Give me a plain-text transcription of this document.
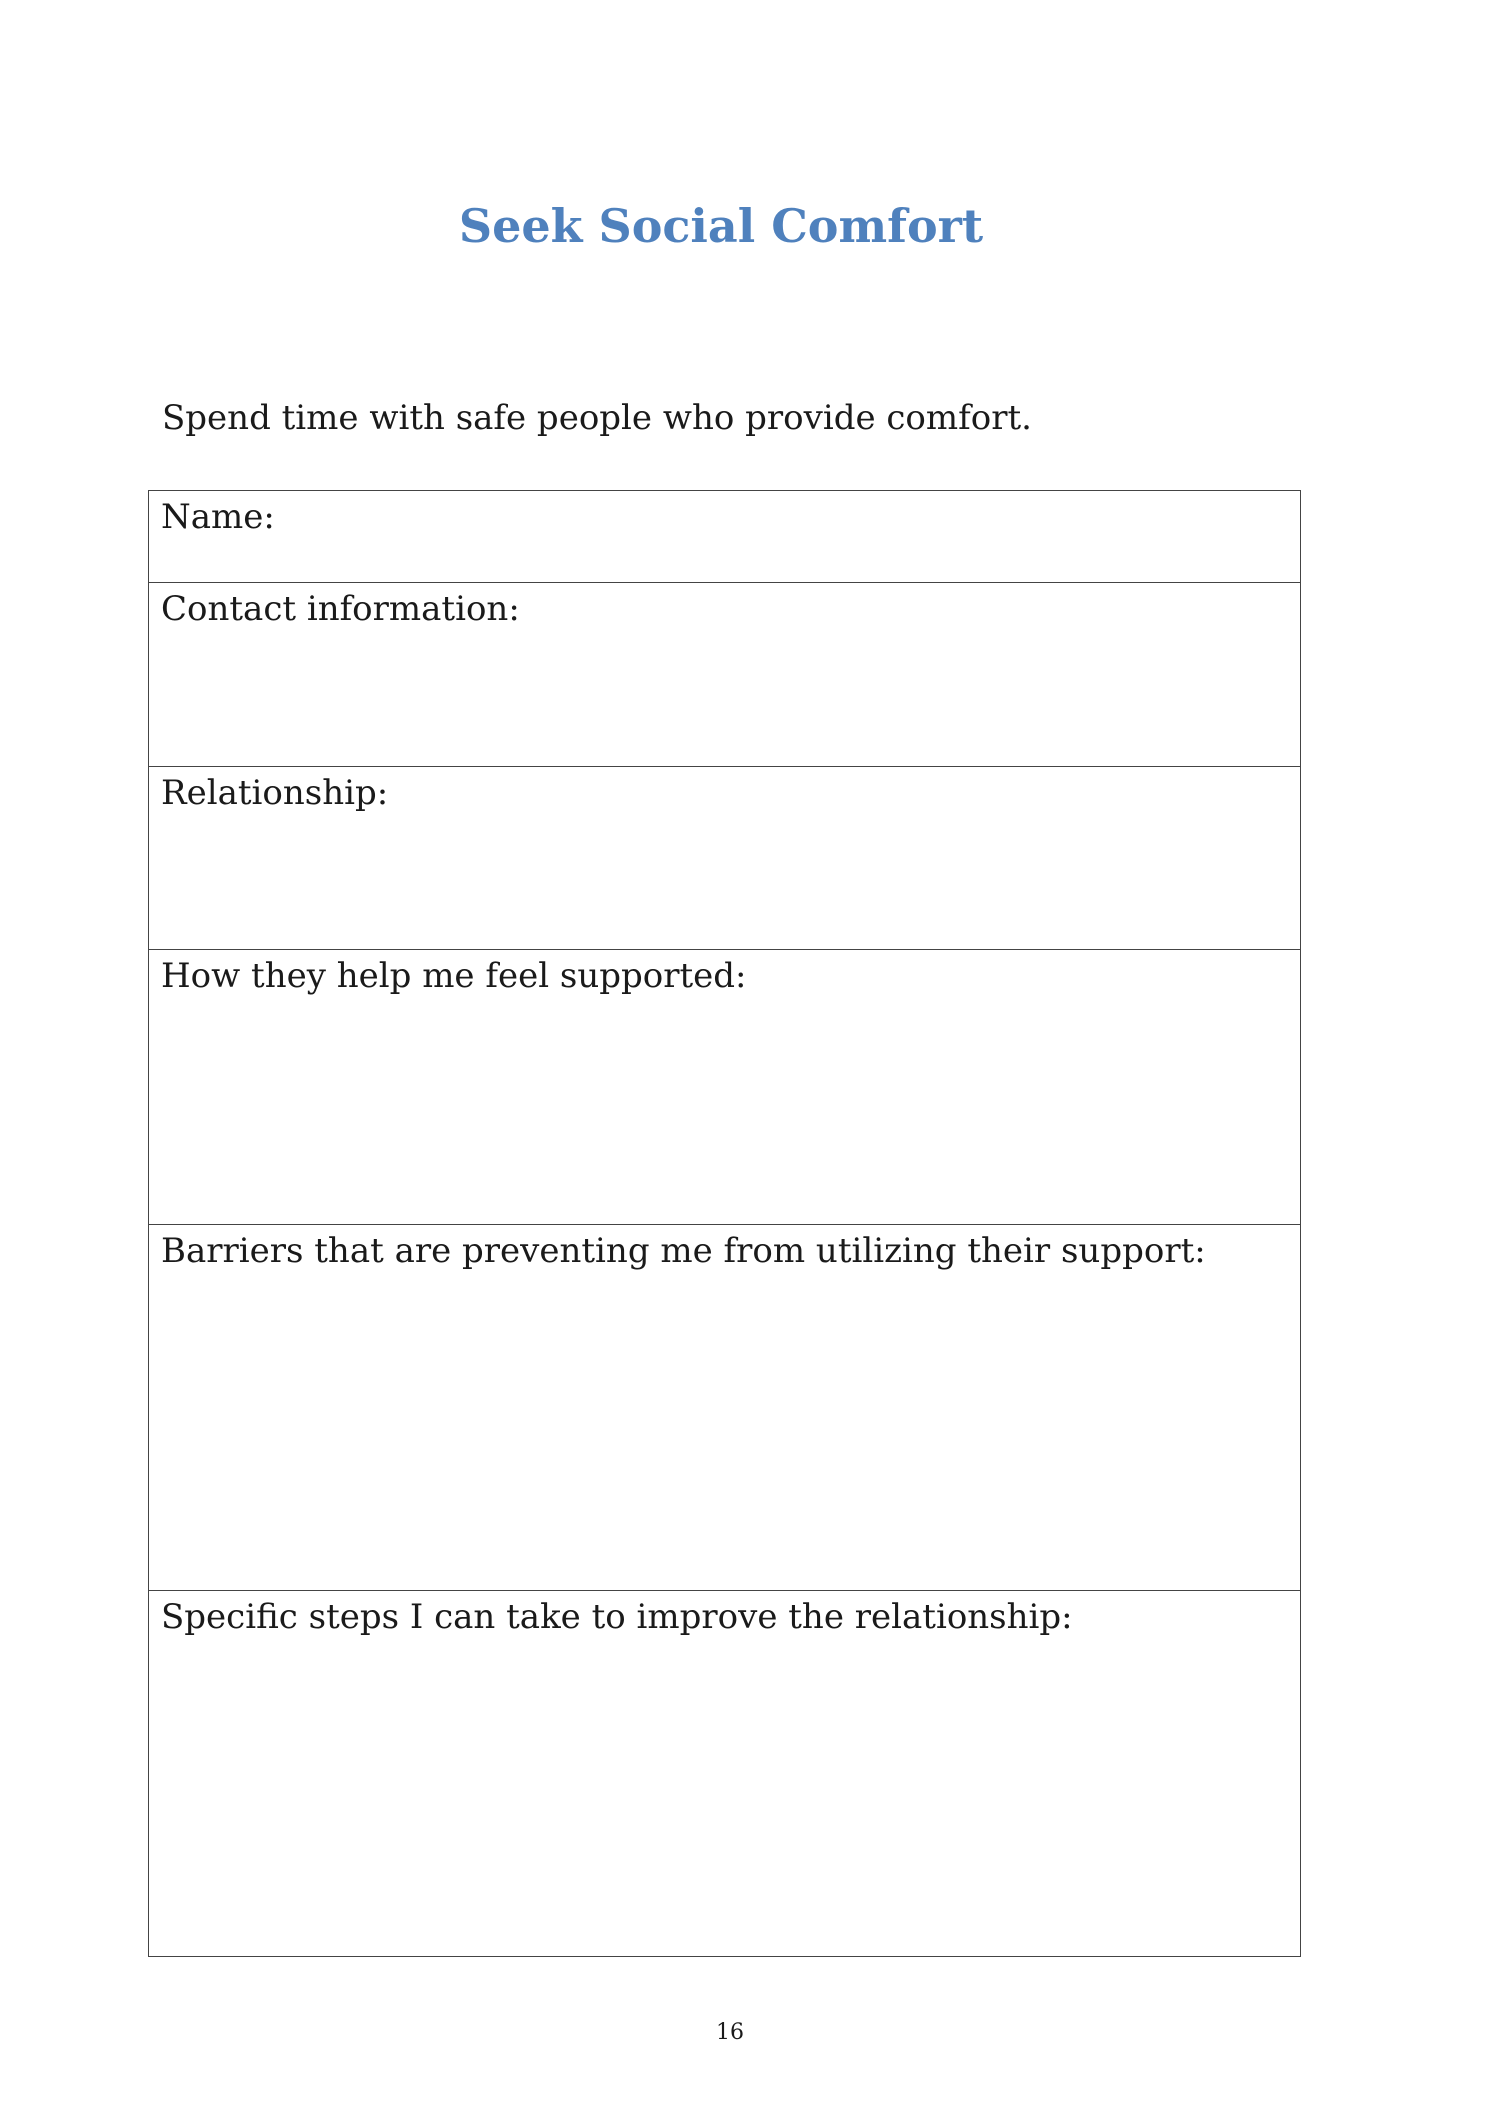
Seek Social Comfort

Spend time with safe people who provide comfort.

Name:

Contact information:

Relationship:

How they help me feel supported:

Barriers that are preventing me from utilizing their support:

Specific steps I can take to improve the relationship:

16
